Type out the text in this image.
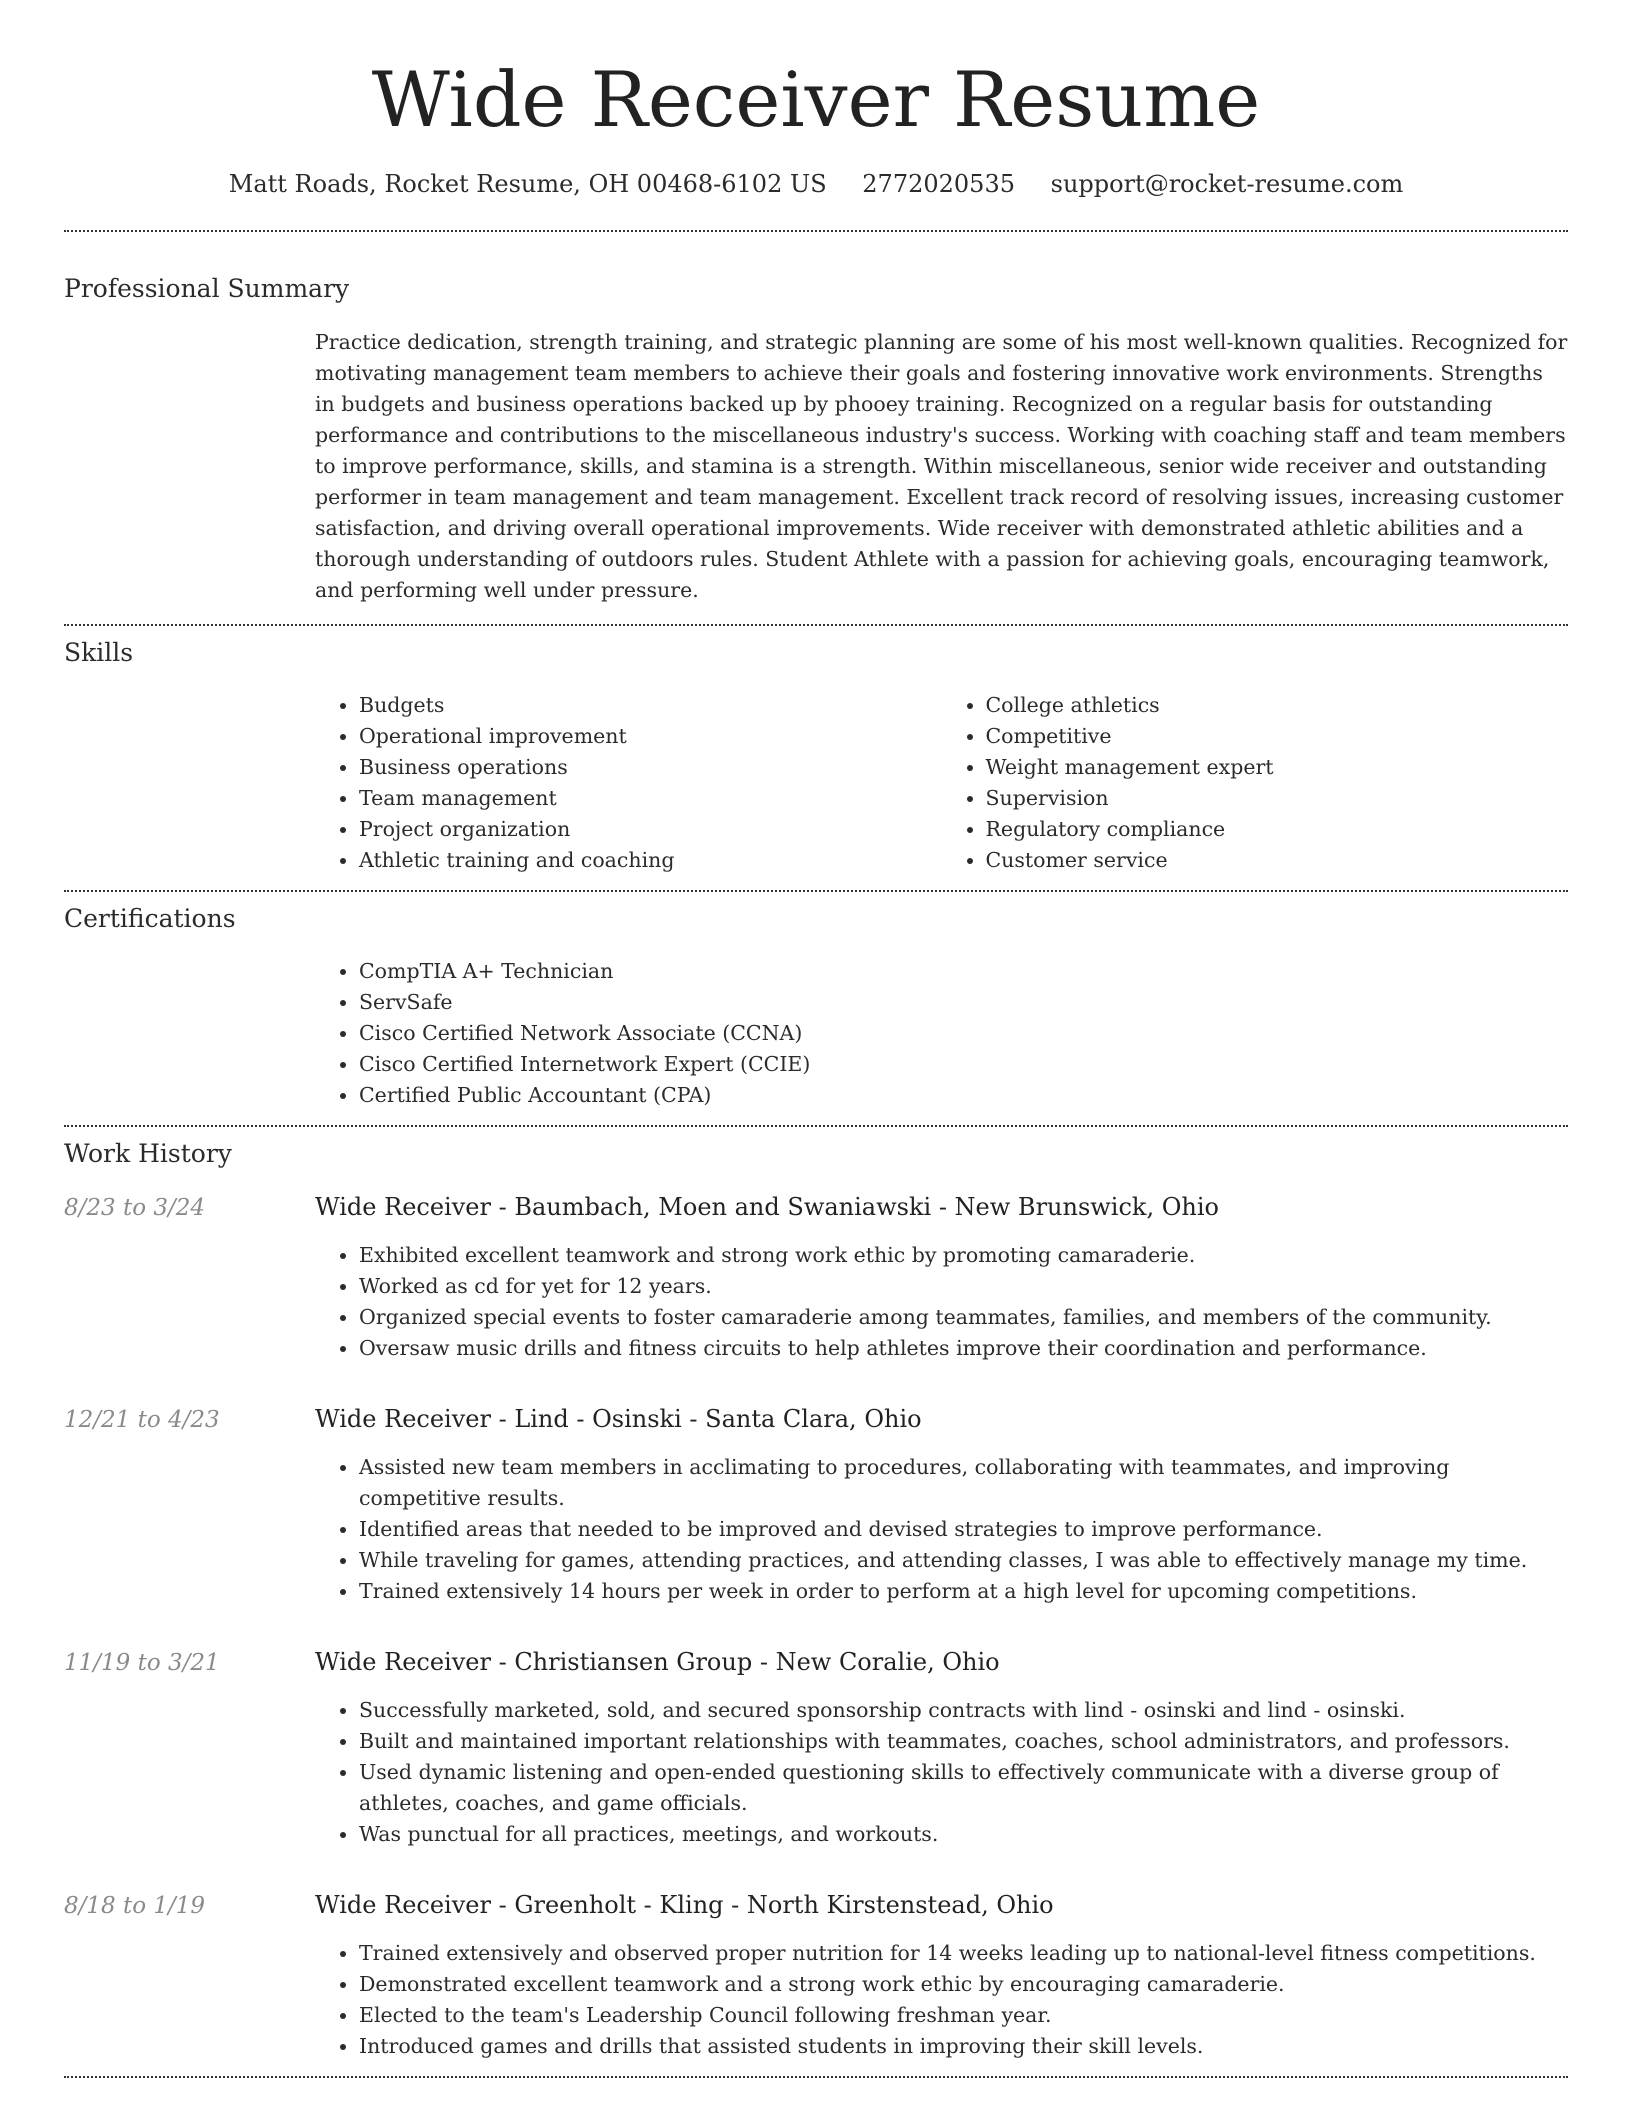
Wide Receiver Resume
Matt Roads, Rocket Resume, OH 00468-6102 US 2772020535 support@rocket-resume.com
Professional Summary

Practice dedication, strength training, and strategic planning are some of his most well-known qualities. Recognized for motivating management team members to achieve their goals and fostering innovative work environments. Strengths in budgets and business operations backed up by phooey training. Recognized on a regular basis for outstanding performance and contributions to the miscellaneous industry's success. Working with coaching staff and team members to improve performance, skills, and stamina is a strength. Within miscellaneous, senior wide receiver and outstanding performer in team management and team management. Excellent track record of resolving issues, increasing customer satisfaction, and driving overall operational improvements. Wide receiver with demonstrated athletic abilities and a thorough understanding of outdoors rules. Student Athlete with a passion for achieving goals, encouraging teamwork, and performing well under pressure.

Skills
• Budgets
• Operational improvement
• Business operations
• Team management
• Project organization
• Athletic training and coaching
• College athletics
• Competitive
• Weight management expert
• Supervision
• Regulatory compliance
• Customer service
Certifications
• CompTIA A+ Technician
• ServSafe
• Cisco Certified Network Associate (CCNA)
• Cisco Certified Internetwork Expert (CCIE)
• Certified Public Accountant (CPA)
Work History
8/23 to 3/24	Wide Receiver - Baumbach, Moen and Swaniawski - New Brunswick, Ohio
• Exhibited excellent teamwork and strong work ethic by promoting camaraderie.
• Worked as cd for yet for 12 years.
• Organized special events to foster camaraderie among teammates, families, and members of the community.
• Oversaw music drills and fitness circuits to help athletes improve their coordination and performance.
12/21 to 4/23	Wide Receiver - Lind - Osinski - Santa Clara, Ohio
• Assisted new team members in acclimating to procedures, collaborating with teammates, and improving competitive results.
• Identified areas that needed to be improved and devised strategies to improve performance.
• While traveling for games, attending practices, and attending classes, I was able to effectively manage my time.
• Trained extensively 14 hours per week in order to perform at a high level for upcoming competitions.
11/19 to 3/21	Wide Receiver - Christiansen Group - New Coralie, Ohio
• Successfully marketed, sold, and secured sponsorship contracts with lind - osinski and lind - osinski.
• Built and maintained important relationships with teammates, coaches, school administrators, and professors.
• Used dynamic listening and open-ended questioning skills to effectively communicate with a diverse group of athletes, coaches, and game officials.
• Was punctual for all practices, meetings, and workouts.
8/18 to 1/19	Wide Receiver - Greenholt - Kling - North Kirstenstead, Ohio
• Trained extensively and observed proper nutrition for 14 weeks leading up to national-level fitness competitions.
• Demonstrated excellent teamwork and a strong work ethic by encouraging camaraderie.
• Elected to the team's Leadership Council following freshman year.
• Introduced games and drills that assisted students in improving their skill levels.
